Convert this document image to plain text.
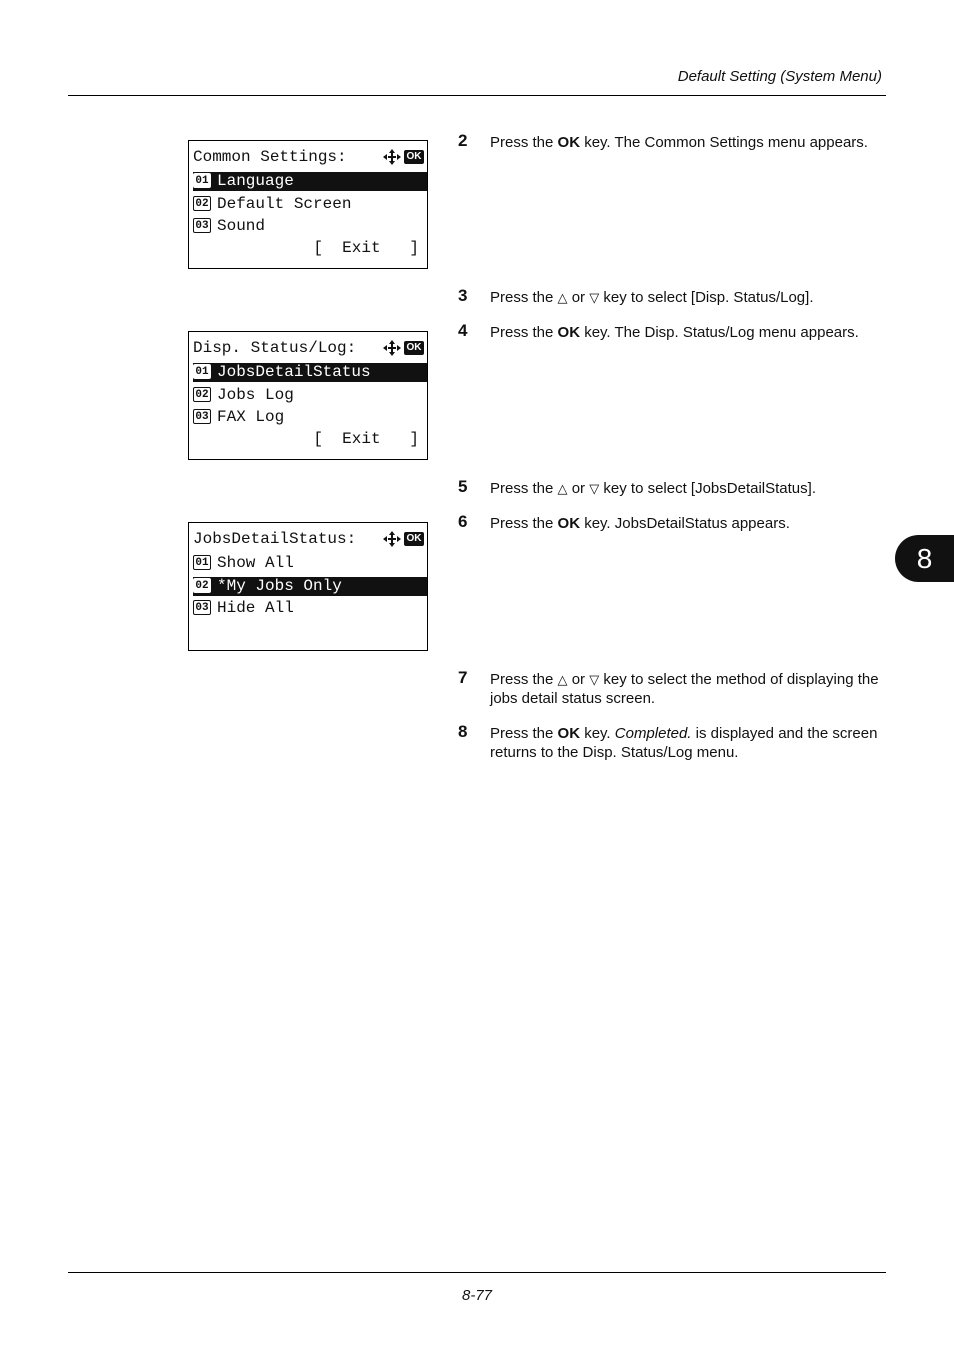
Default Setting (System Menu)
8
Common Settings:	OK
01 Language
02 Default Screen
03 Sound
[  Exit   ]
Disp. Status/Log:	OK
01 JobsDetailStatus
02 Jobs Log
03 FAX Log
[  Exit   ]
JobsDetailStatus:	OK
01 Show All
02 *My Jobs Only
03 Hide All
2 Press the OK key. The Common Settings menu appears.
3 Press the △ or ▽ key to select [Disp. Status/Log].
4 Press the OK key. The Disp. Status/Log menu appears.
5 Press the △ or ▽ key to select [JobsDetailStatus].
6 Press the OK key. JobsDetailStatus appears.
7 Press the △ or ▽ key to select the method of displaying the jobs detail status screen.
8 Press the OK key. Completed. is displayed and the screen returns to the Disp. Status/Log menu.
8-77
